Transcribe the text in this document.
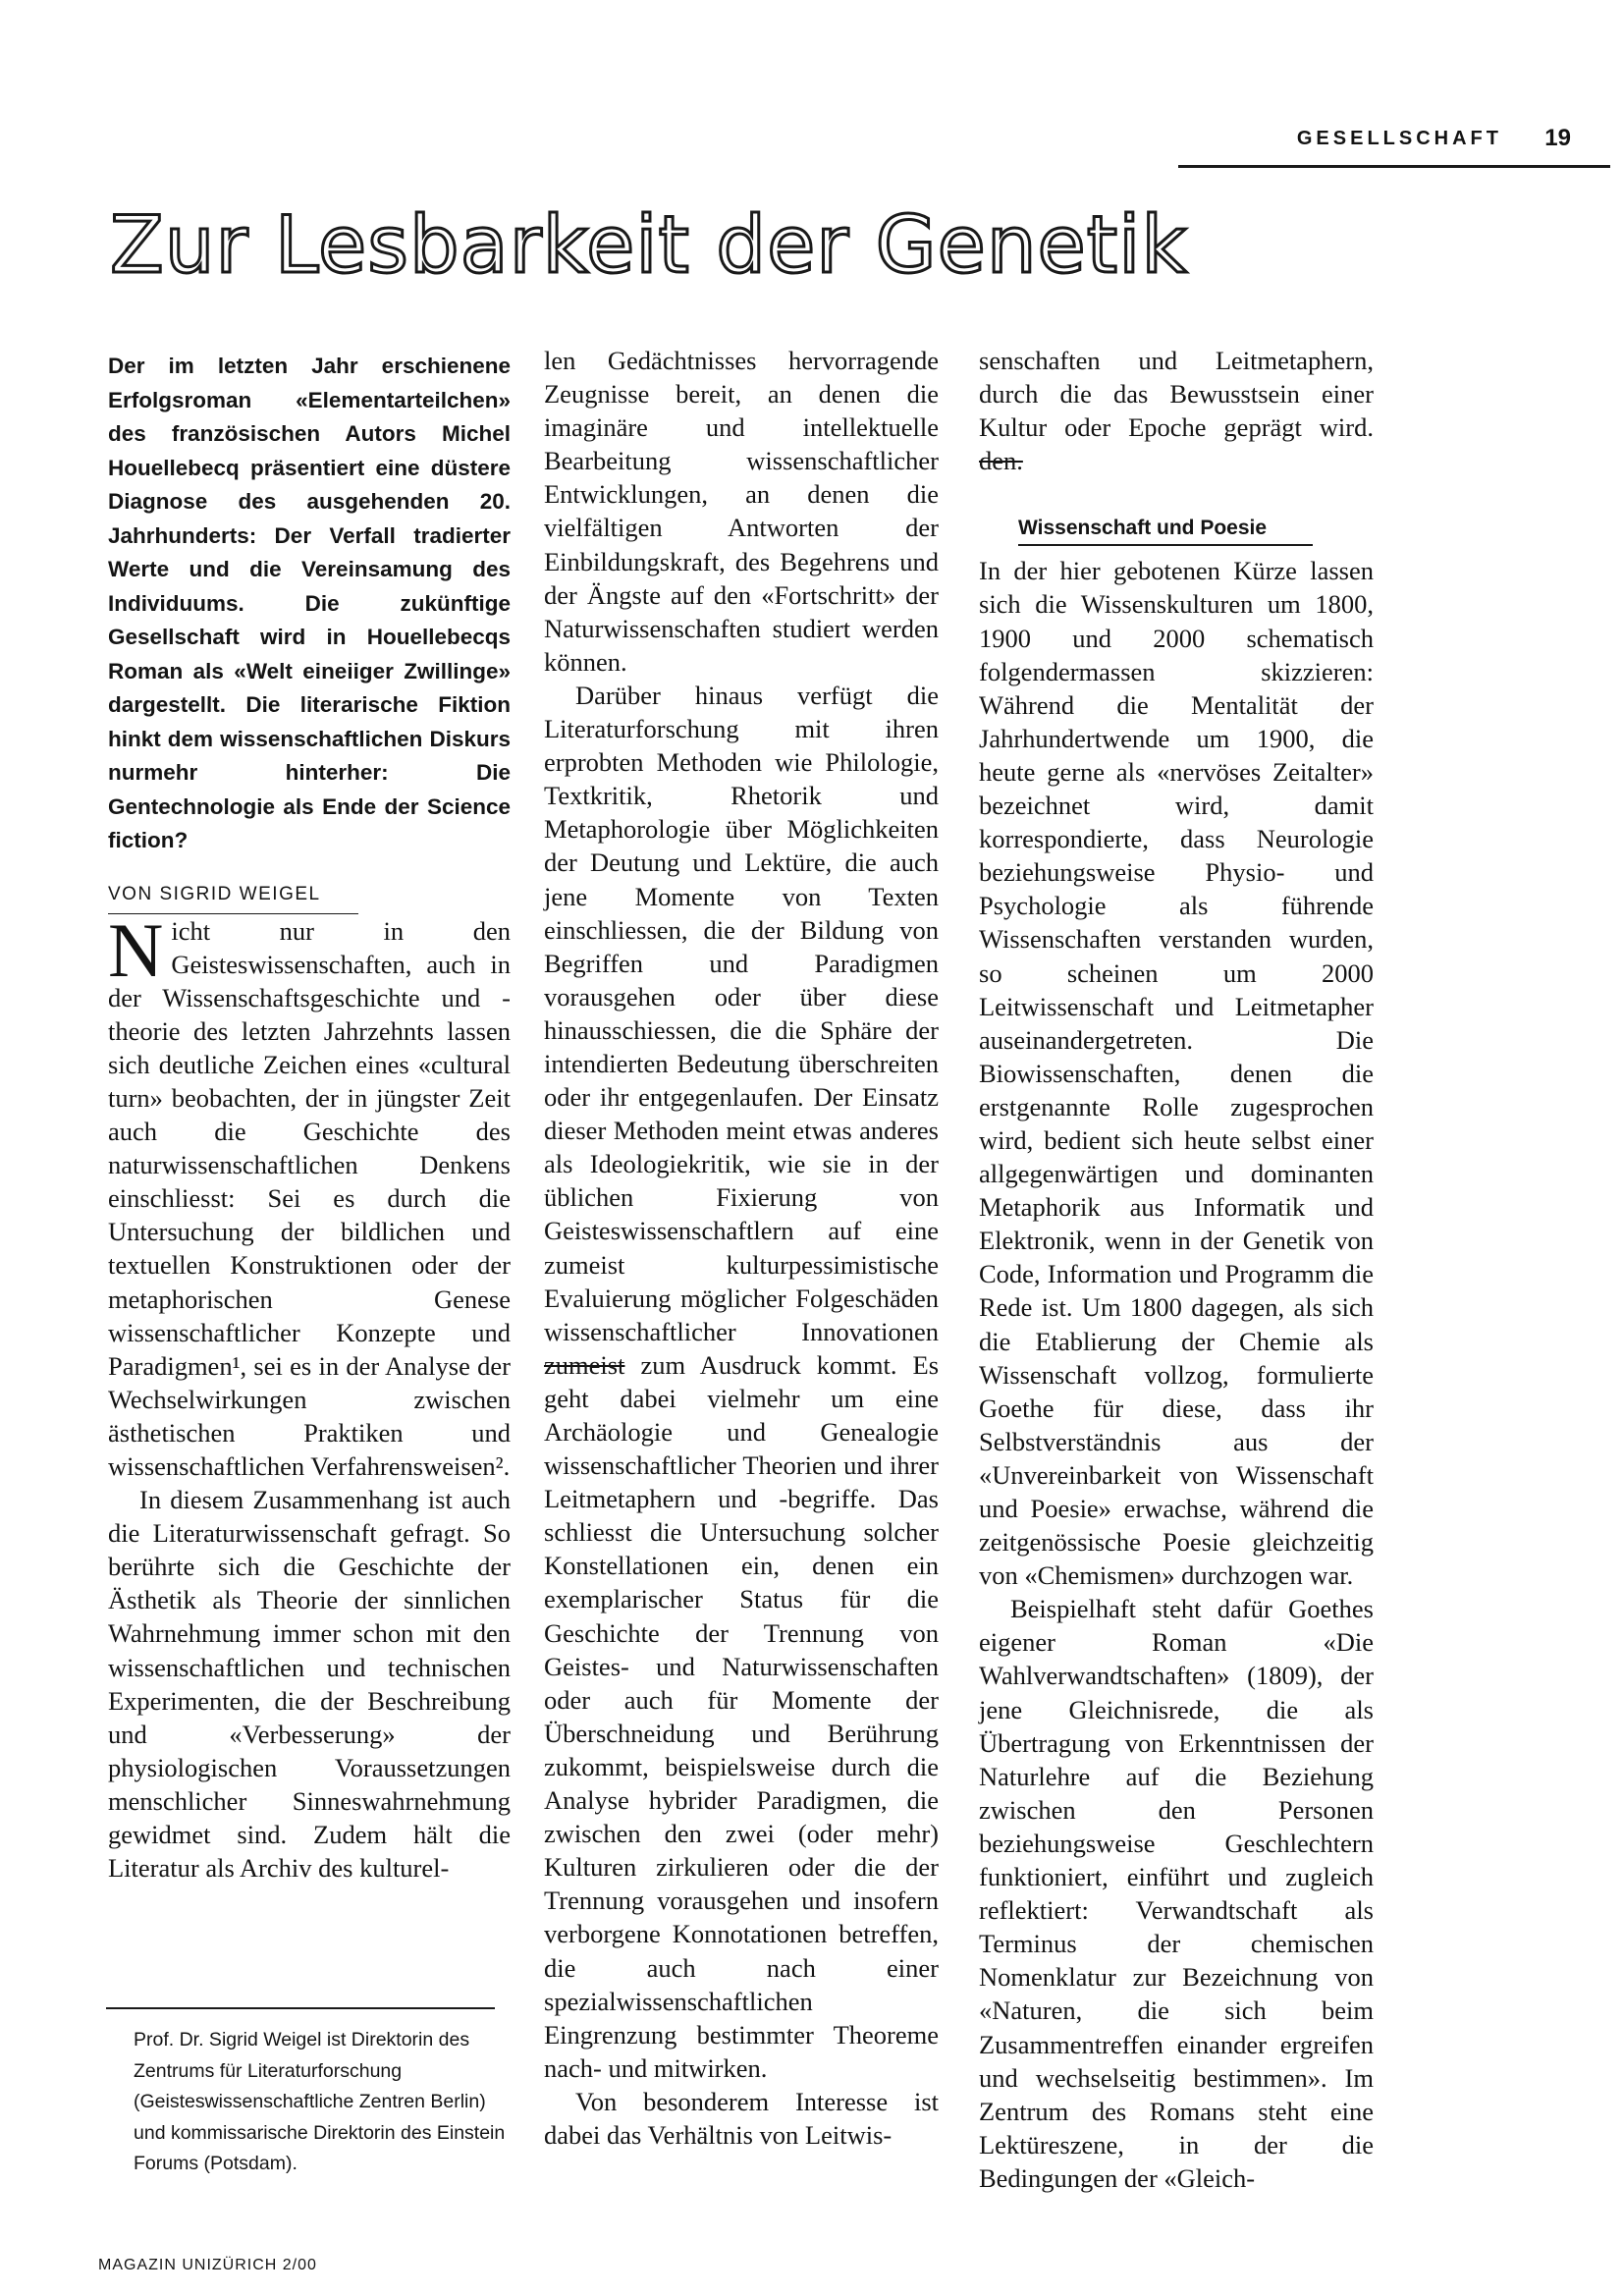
GESELLSCHAFT 19
Zur Lesbarkeit der Genetik

Der im letzten Jahr erschienene Erfolgsroman «Elementarteilchen» des französischen Autors Michel Houellebecq präsentiert eine düstere Diagnose des ausgehenden 20. Jahrhunderts: Der Verfall tradierter Werte und die Vereinsamung des Individuums. Die zukünftige Gesellschaft wird in Houellebecqs Roman als «Welt eineiiger Zwillinge» dargestellt. Die literarische Fiktion hinkt dem wissenschaftlichen Diskurs nurmehr hinterher: Die Gentechnologie als Ende der Science fiction?

VON SIGRID WEIGEL

Nicht nur in den Geisteswissenschaften, auch in der Wissenschaftsgeschichte und -theorie des letzten Jahrzehnts lassen sich deutliche Zeichen eines «cultural turn» beobachten, der in jüngster Zeit auch die Geschichte des naturwissenschaftlichen Denkens einschliesst: Sei es durch die Untersuchung der bildlichen und textuellen Konstruktionen oder der metaphorischen Genese wissenschaftlicher Konzepte und Paradigmen¹, sei es in der Analyse der Wechselwirkungen zwischen ästhetischen Praktiken und wissenschaftlichen Verfahrensweisen².

In diesem Zusammenhang ist auch die Literaturwissenschaft gefragt. So berührte sich die Geschichte der Ästhetik als Theorie der sinnlichen Wahrnehmung immer schon mit den wissenschaftlichen und technischen Experimenten, die der Beschreibung und «Verbesserung» der physiologischen Voraussetzungen menschlicher Sinneswahrnehmung gewidmet sind. Zudem hält die Literatur als Archiv des kulturel-

Prof. Dr. Sigrid Weigel ist Direktorin des Zentrums für Literaturforschung (Geisteswissenschaftliche Zentren Berlin) und kommissarische Direktorin des Einstein Forums (Potsdam).

len Gedächtnisses hervorragende Zeugnisse bereit, an denen die imaginäre und intellektuelle Bearbeitung wissenschaftlicher Entwicklungen, an denen die vielfältigen Antworten der Einbildungskraft, des Begehrens und der Ängste auf den «Fortschritt» der Naturwissenschaften studiert werden können.

Darüber hinaus verfügt die Literaturforschung mit ihren erprobten Methoden wie Philologie, Textkritik, Rhetorik und Metaphorologie über Möglichkeiten der Deutung und Lektüre, die auch jene Momente von Texten einschliessen, die der Bildung von Begriffen und Paradigmen vorausgehen oder über diese hinausschiessen, die die Sphäre der intendierten Bedeutung überschreiten oder ihr entgegenlaufen. Der Einsatz dieser Methoden meint etwas anderes als Ideologiekritik, wie sie in der üblichen Fixierung von Geisteswissenschaftlern auf eine zumeist kulturpessimistische Evaluierung möglicher Folgeschäden wissenschaftlicher Innovationen zumeist zum Ausdruck kommt. Es geht dabei vielmehr um eine Archäologie und Genealogie wissenschaftlicher Theorien und ihrer Leitmetaphern und -begriffe. Das schliesst die Untersuchung solcher Konstellationen ein, denen ein exemplarischer Status für die Geschichte der Trennung von Geistes- und Naturwissenschaften oder auch für Momente der Überschneidung und Berührung zukommt, beispielsweise durch die Analyse hybrider Paradigmen, die zwischen den zwei (oder mehr) Kulturen zirkulieren oder die der Trennung vorausgehen und insofern verborgene Konnotationen betreffen, die auch nach einer spezialwissenschaftlichen Eingrenzung bestimmter Theoreme nach- und mitwirken.

Von besonderem Interesse ist dabei das Verhältnis von Leitwis-

senschaften und Leitmetaphern, durch die das Bewusstsein einer Kultur oder Epoche geprägt wird. den.

Wissenschaft und Poesie

In der hier gebotenen Kürze lassen sich die Wissenskulturen um 1800, 1900 und 2000 schematisch folgendermassen skizzieren: Während die Mentalität der Jahrhundertwende um 1900, die heute gerne als «nervöses Zeitalter» bezeichnet wird, damit korrespondierte, dass Neurologie beziehungsweise Physio- und Psychologie als führende Wissenschaften verstanden wurden, so scheinen um 2000 Leitwissenschaft und Leitmetapher auseinandergetreten. Die Biowissenschaften, denen die erstgenannte Rolle zugesprochen wird, bedient sich heute selbst einer allgegenwärtigen und dominanten Metaphorik aus Informatik und Elektronik, wenn in der Genetik von Code, Information und Programm die Rede ist. Um 1800 dagegen, als sich die Etablierung der Chemie als Wissenschaft vollzog, formulierte Goethe für diese, dass ihr Selbstverständnis aus der «Unvereinbarkeit von Wissenschaft und Poesie» erwachse, während die zeitgenössische Poesie gleichzeitig von «Chemismen» durchzogen war.

Beispielhaft steht dafür Goethes eigener Roman «Die Wahlverwandtschaften» (1809), der jene Gleichnisrede, die als Übertragung von Erkenntnissen der Naturlehre auf die Beziehung zwischen den Personen beziehungsweise Geschlechtern funktioniert, einführt und zugleich reflektiert: Verwandtschaft als Terminus der chemischen Nomenklatur zur Bezeichnung von «Naturen, die sich beim Zusammentreffen einander ergreifen und wechselseitig bestimmen». Im Zentrum des Romans steht eine Lektüreszene, in der die Bedingungen der «Gleich-

MAGAZIN UNIZÜRICH 2/00
